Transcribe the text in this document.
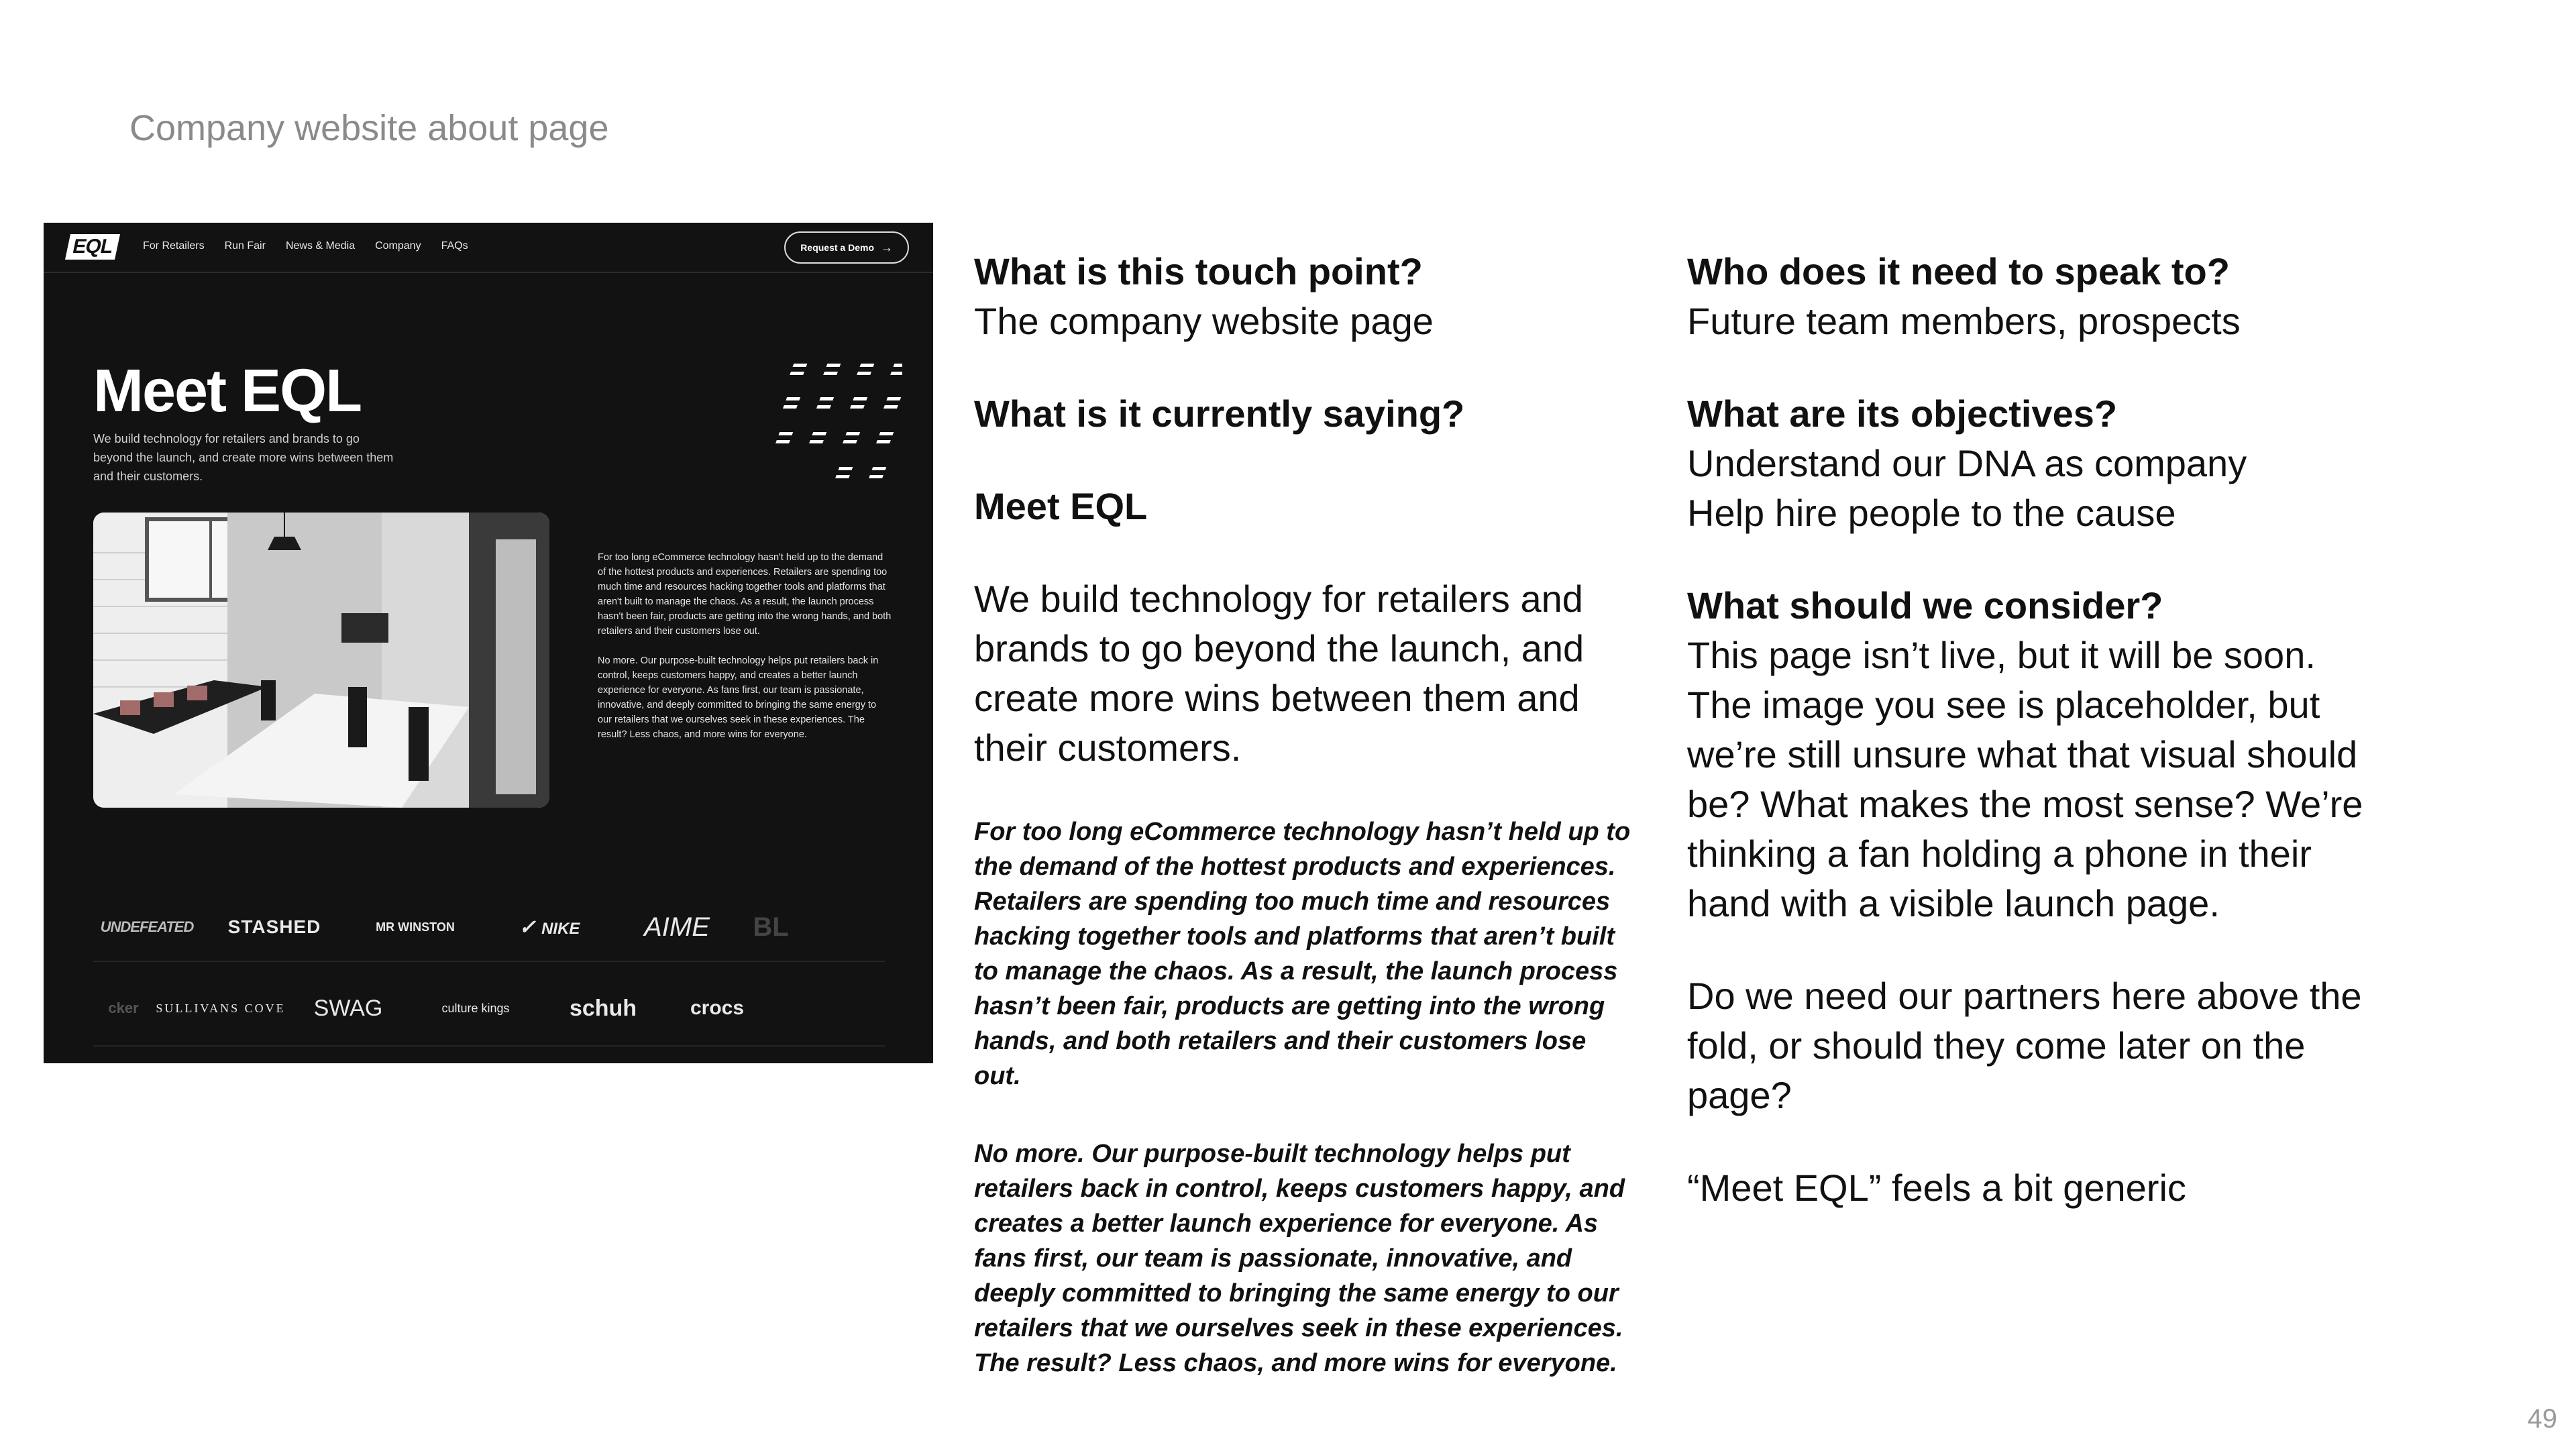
Company website about page
EQL	For Retailers Run Fair News & Media Company FAQs	Request a Demo →
Meet EQL
We build technology for retailers and brands to go beyond the launch, and create more wins between them and their customers.

For too long eCommerce technology hasn't held up to the demand of the hottest products and experiences. Retailers are spending too much time and resources hacking together tools and platforms that aren't built to manage the chaos. As a result, the launch process hasn't been fair, products are getting into the wrong hands, and both retailers and their customers lose out.

No more. Our purpose-built technology helps put retailers back in control, keeps customers happy, and creates a better launch experience for everyone. As fans first, our team is passionate, innovative, and deeply committed to bringing the same energy to our retailers that we ourselves seek in these experiences. The result? Less chaos, and more wins for everyone.

UNDEFEATED	STASHED	MR WINSTON	✓ NIKE	AIME	BL
cker	SULLIVANS COVE	SWAG	culture kings	schuh	crocs
What is this touch point?
The company website page
What is it currently saying?
Meet EQL
We build technology for retailers and brands to go beyond the launch, and create more wins between them and their customers.
For too long eCommerce technology hasn’t held up to the demand of the hottest products and experiences. Retailers are spending too much time and resources hacking together tools and platforms that aren’t built to manage the chaos. As a result, the launch process hasn’t been fair, products are getting into the wrong hands, and both retailers and their customers lose out.
No more. Our purpose-built technology helps put retailers back in control, keeps customers happy, and creates a better launch experience for everyone. As fans first, our team is passionate, innovative, and deeply committed to bringing the same energy to our retailers that we ourselves seek in these experiences. The result? Less chaos, and more wins for everyone.
Who does it need to speak to?
Future team members, prospects
What are its objectives?
Understand our DNA as company
Help hire people to the cause
What should we consider?
This page isn’t live, but it will be soon. The image you see is placeholder, but we’re still unsure what that visual should be? What makes the most sense? We’re thinking a fan holding a phone in their hand with a visible launch page.
Do we need our partners here above the fold, or should they come later on the page?
“Meet EQL” feels a bit generic
49
